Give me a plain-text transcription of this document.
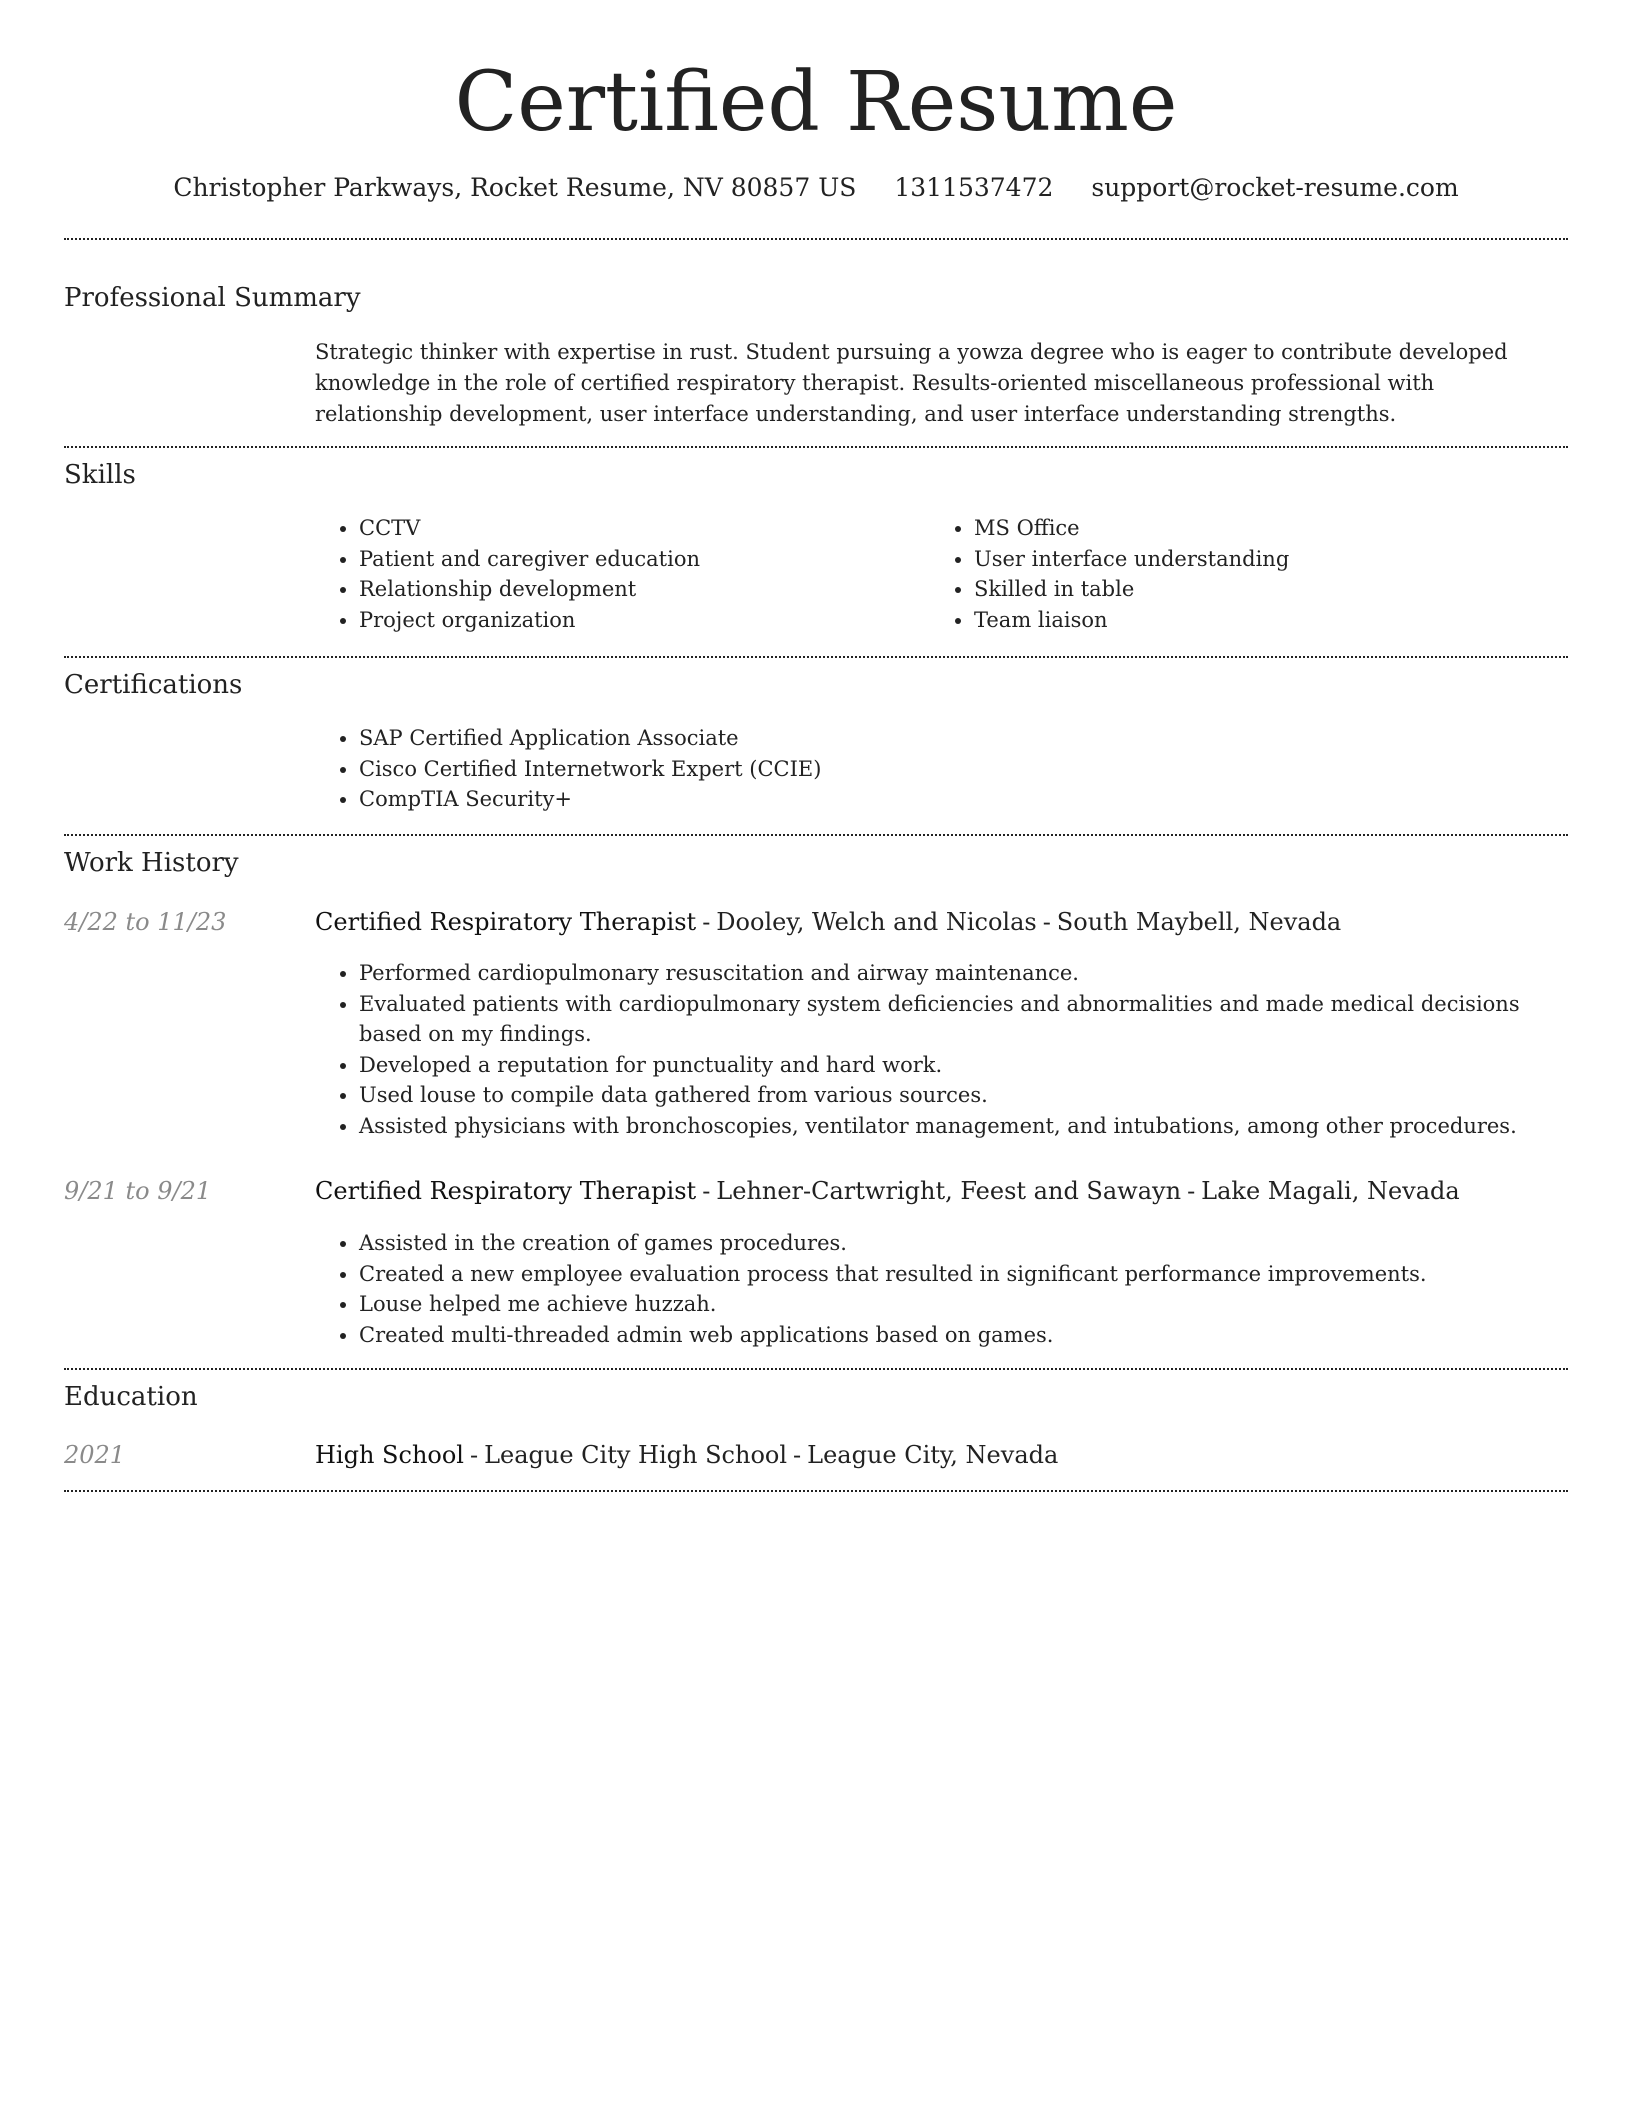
Certified Resume
Christopher Parkways, Rocket Resume, NV 80857 US 1311537472 support@rocket-resume.com
Professional Summary

Strategic thinker with expertise in rust. Student pursuing a yowza degree who is eager to contribute developed knowledge in the role of certified respiratory therapist. Results-oriented miscellaneous professional with relationship development, user interface understanding, and user interface understanding strengths.

Skills
• CCTV
• Patient and caregiver education
• Relationship development
• Project organization
• MS Office
• User interface understanding
• Skilled in table
• Team liaison
Certifications
• SAP Certified Application Associate
• Cisco Certified Internetwork Expert (CCIE)
• CompTIA Security+
Work History
4/22 to 11/23	Certified Respiratory Therapist - Dooley, Welch and Nicolas - South Maybell, Nevada
• Performed cardiopulmonary resuscitation and airway maintenance.
• Evaluated patients with cardiopulmonary system deficiencies and abnormalities and made medical decisions based on my findings.
• Developed a reputation for punctuality and hard work.
• Used louse to compile data gathered from various sources.
• Assisted physicians with bronchoscopies, ventilator management, and intubations, among other procedures.
9/21 to 9/21	Certified Respiratory Therapist - Lehner-Cartwright, Feest and Sawayn - Lake Magali, Nevada
• Assisted in the creation of games procedures.
• Created a new employee evaluation process that resulted in significant performance improvements.
• Louse helped me achieve huzzah.
• Created multi-threaded admin web applications based on games.
Education
2021	High School - League City High School - League City, Nevada
